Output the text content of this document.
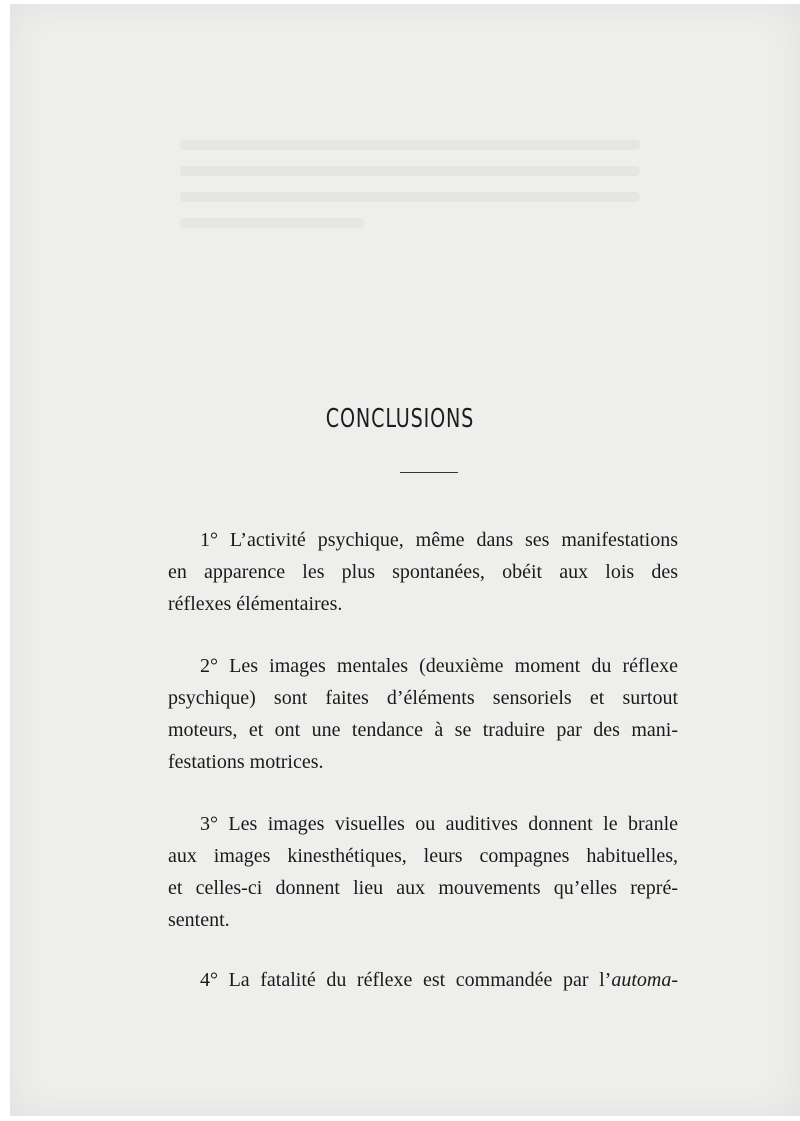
CONCLUSIONS

1° L’activité psychique, même dans ses manifestations
en apparence les plus spontanées, obéit aux lois des
réflexes élémentaires.

2° Les images mentales (deuxième moment du réflexe
psychique) sont faites d’éléments sensoriels et surtout
moteurs, et ont une tendance à se traduire par des mani-
festations motrices.

3° Les images visuelles ou auditives donnent le branle
aux images kinesthétiques, leurs compagnes habituelles,
et celles-ci donnent lieu aux mouvements qu’elles repré-
sentent.

4° La fatalité du réflexe est commandée par l’automa-
